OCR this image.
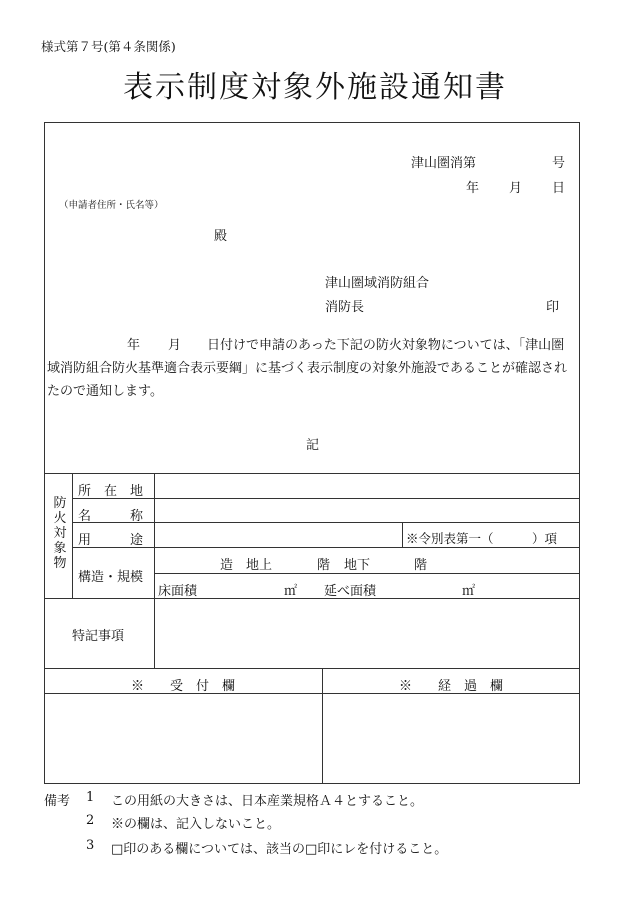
様式第７号(第４条関係)
表示制度対象外施設通知書
津山圏消第	号
年 月 日
（申請者住所・氏名等）
殿
津山圏域消防組合
消防長	印
年 月 日付けで申請のあった下記の防火対象物については、「津山圏域消防組合防火基準適合表示要綱」に基づく表示制度の対象外施設であることが確認されたので通知します。
記
防火対象物
所　在　地
名　　　称
用　　　途	※令別表第一（	）項
構造・規模
造 地上	階 地下	階
床面積	㎡ 延べ面積	㎡
特記事項
※　　受　付　欄	※　　経　過　欄
備考 1 この用紙の大きさは、日本産業規格Ａ４とすること。
2 ※の欄は、記入しないこと。
3 □印のある欄については、該当の□印にレを付けること。
